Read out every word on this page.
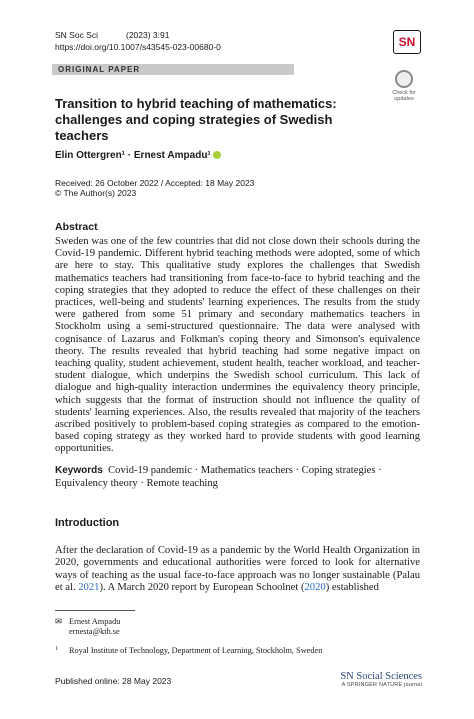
SN Soc Sci	(2023) 3:91
https://doi.org/10.1007/s43545-023-00680-0	SN
ORIGINAL PAPER
Check for updates
Transition to hybrid teaching of mathematics: challenges and coping strategies of Swedish teachers
Elin Ottergren¹ · Ernest Ampadu¹
Received: 26 October 2022 / Accepted: 18 May 2023
© The Author(s) 2023
Abstract
Sweden was one of the few countries that did not close down their schools during the Covid-19 pandemic. Different hybrid teaching methods were adopted, some of which are here to stay. This qualitative study explores the challenges that Swedish mathematics teachers had transitioning from face-to-face to hybrid teaching and the coping strategies that they adopted to reduce the effect of these challenges on their practices, well-being and students' learning experiences. The results from the study were gathered from some 51 primary and secondary mathematics teachers in Stockholm using a semi-structured questionnaire. The data were analysed with cognisance of Lazarus and Folkman's coping theory and Simonson's equivalence theory. The results revealed that hybrid teaching had some negative impact on teaching quality, student achievement, student health, teacher workload, and teacher-student dialogue, which underpins the Swedish school curriculum. This lack of dialogue and high-quality interaction undermines the equivalency theory principle, which suggests that the format of instruction should not influence the quality of students' learning experiences. Also, the results revealed that majority of the teachers ascribed positively to problem-based coping strategies as compared to the emotion-based coping strategy as they worked hard to provide students with good learning opportunities.
Keywords Covid-19 pandemic · Mathematics teachers · Coping strategies · Equivalency theory · Remote teaching
Introduction
After the declaration of Covid-19 as a pandemic by the World Health Organization in 2020, governments and educational authorities were forced to look for alternative ways of teaching as the usual face-to-face approach was no longer sustainable (Palau et al. 2021). A March 2020 report by European Schoolnet (2020) established
✉ Ernest Ampadu
ernesta@kth.se
1 Royal Institute of Technology, Department of Learning, Stockholm, Sweden
Published online: 28 May 2023	SN Social Sciences
A SPRINGER NATURE journal
